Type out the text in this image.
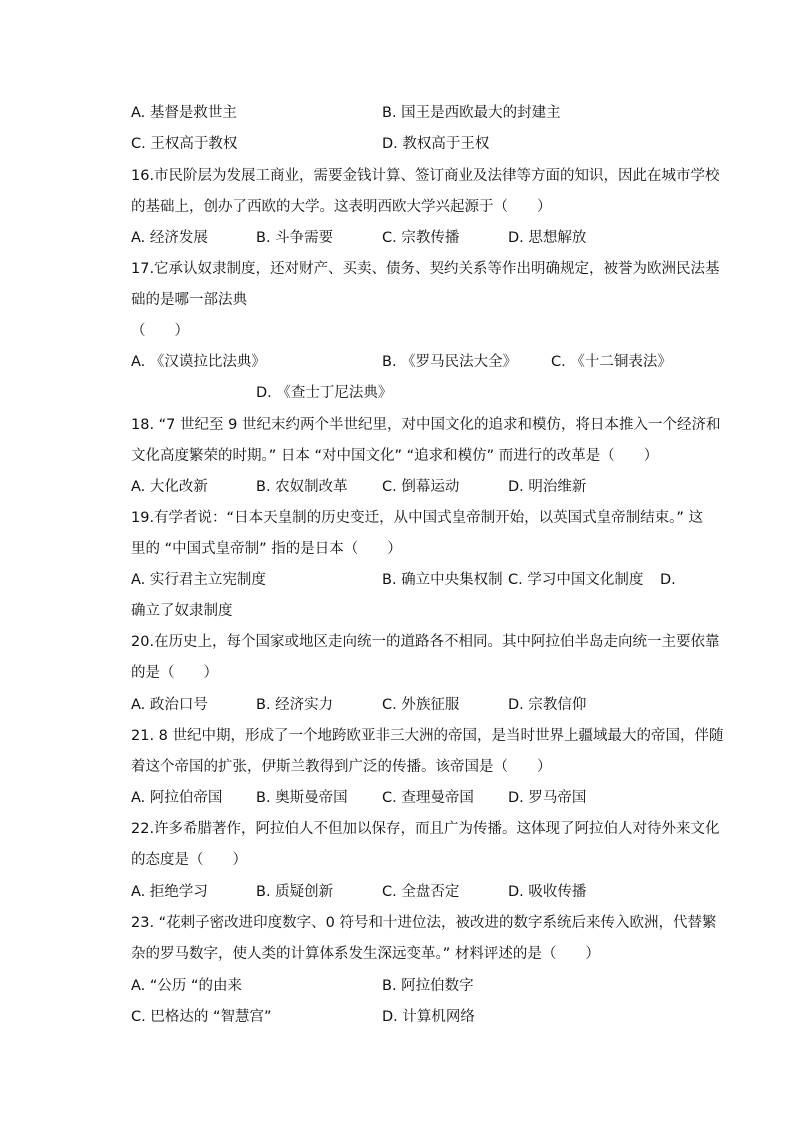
A. 基督是救世主	B. 国王是西欧最大的封建主
C. 王权高于教权	D. 教权高于王权
16.市民阶层为发展工商业，需要金钱计算、签订商业及法律等方面的知识，因此在城市学校
的基础上，创办了西欧的大学。这表明西欧大学兴起源于（　　）
A. 经济发展	B. 斗争需要	C. 宗教传播	D. 思想解放
17.它承认奴隶制度，还对财产、买卖、债务、契约关系等作出明确规定，被誉为欧洲民法基
础的是哪一部法典
（　　）
A. 《汉谟拉比法典》	B. 《罗马民法大全》 C. 《十二铜表法》
D. 《查士丁尼法典》
18. “7 世纪至 9 世纪末约两个半世纪里，对中国文化的追求和模仿，将日本推入一个经济和
文化高度繁荣的时期。” 日本 “对中国文化” “追求和模仿” 而进行的改革是（　　）
A. 大化改新	B. 农奴制改革 C. 倒幕运动	D. 明治维新
19.有学者说：“日本天皇制的历史变迁，从中国式皇帝制开始，以英国式皇帝制结束。” 这
里的 “中国式皇帝制” 指的是日本（　　）
A. 实行君主立宪制度	B. 确立中央集权制 C. 学习中国文化制度 D.
确立了奴隶制度
20.在历史上，每个国家或地区走向统一的道路各不相同。其中阿拉伯半岛走向统一主要依靠
的是（　　）
A. 政治口号	B. 经济实力	C. 外族征服	D. 宗教信仰
21. 8 世纪中期，形成了一个地跨欧亚非三大洲的帝国，是当时世界上疆域最大的帝国，伴随
着这个帝国的扩张，伊斯兰教得到广泛的传播。该帝国是（　　）
A. 阿拉伯帝国 B. 奥斯曼帝国 C. 查理曼帝国 D. 罗马帝国
22.许多希腊著作，阿拉伯人不但加以保存，而且广为传播。这体现了阿拉伯人对待外来文化
的态度是（　　）
A. 拒绝学习	B. 质疑创新	C. 全盘否定	D. 吸收传播
23. “花剌子密改进印度数字、0 符号和十进位法，被改进的数字系统后来传入欧洲，代替繁
杂的罗马数字，使人类的计算体系发生深远变革。” 材料评述的是（　　）
A. “公历 “的由来	B. 阿拉伯数字
C. 巴格达的 “智慧宫”	D. 计算机网络
